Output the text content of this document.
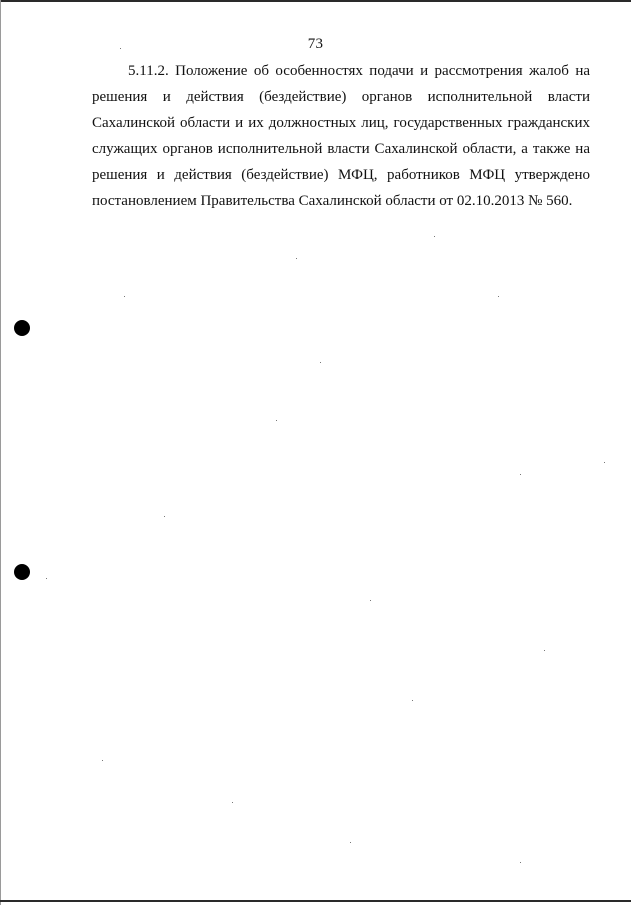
73
5.11.2. Положение об особенностях подачи и рассмотрения жалоб на
решения и действия (бездействие) органов исполнительной власти
Сахалинской области и их должностных лиц, государственных гражданских
служащих органов исполнительной власти Сахалинской области, а также на
решения и действия (бездействие) МФЦ, работников МФЦ утверждено
постановлением Правительства Сахалинской области от 02.10.2013 № 560.
